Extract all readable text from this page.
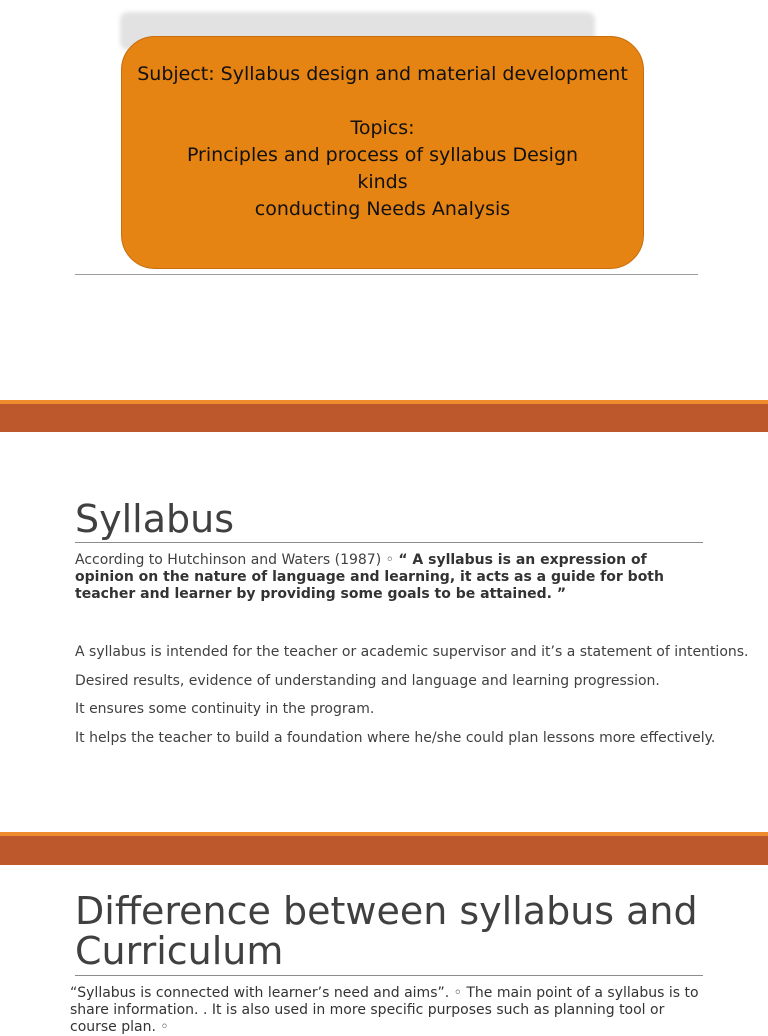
Subject: Syllabus design and material development
Topics:
Principles and process of syllabus Design
kinds
conducting Needs Analysis
Syllabus
According to Hutchinson and Waters (1987) ◦ “ A syllabus is an expression of opinion on the nature of language and learning, it acts as a guide for both teacher and learner by providing some goals to be attained. ”
A syllabus is intended for the teacher or academic supervisor and it’s a statement of intentions.
Desired results, evidence of understanding and language and learning progression.
It ensures some continuity in the program.
It helps the teacher to build a foundation where he/she could plan lessons more effectively.
Difference between syllabus and Curriculum
“Syllabus is connected with learner’s need and aims”. ◦ The main point of a syllabus is to share information. . It is also used in more specific purposes such as planning tool or course plan. ◦
